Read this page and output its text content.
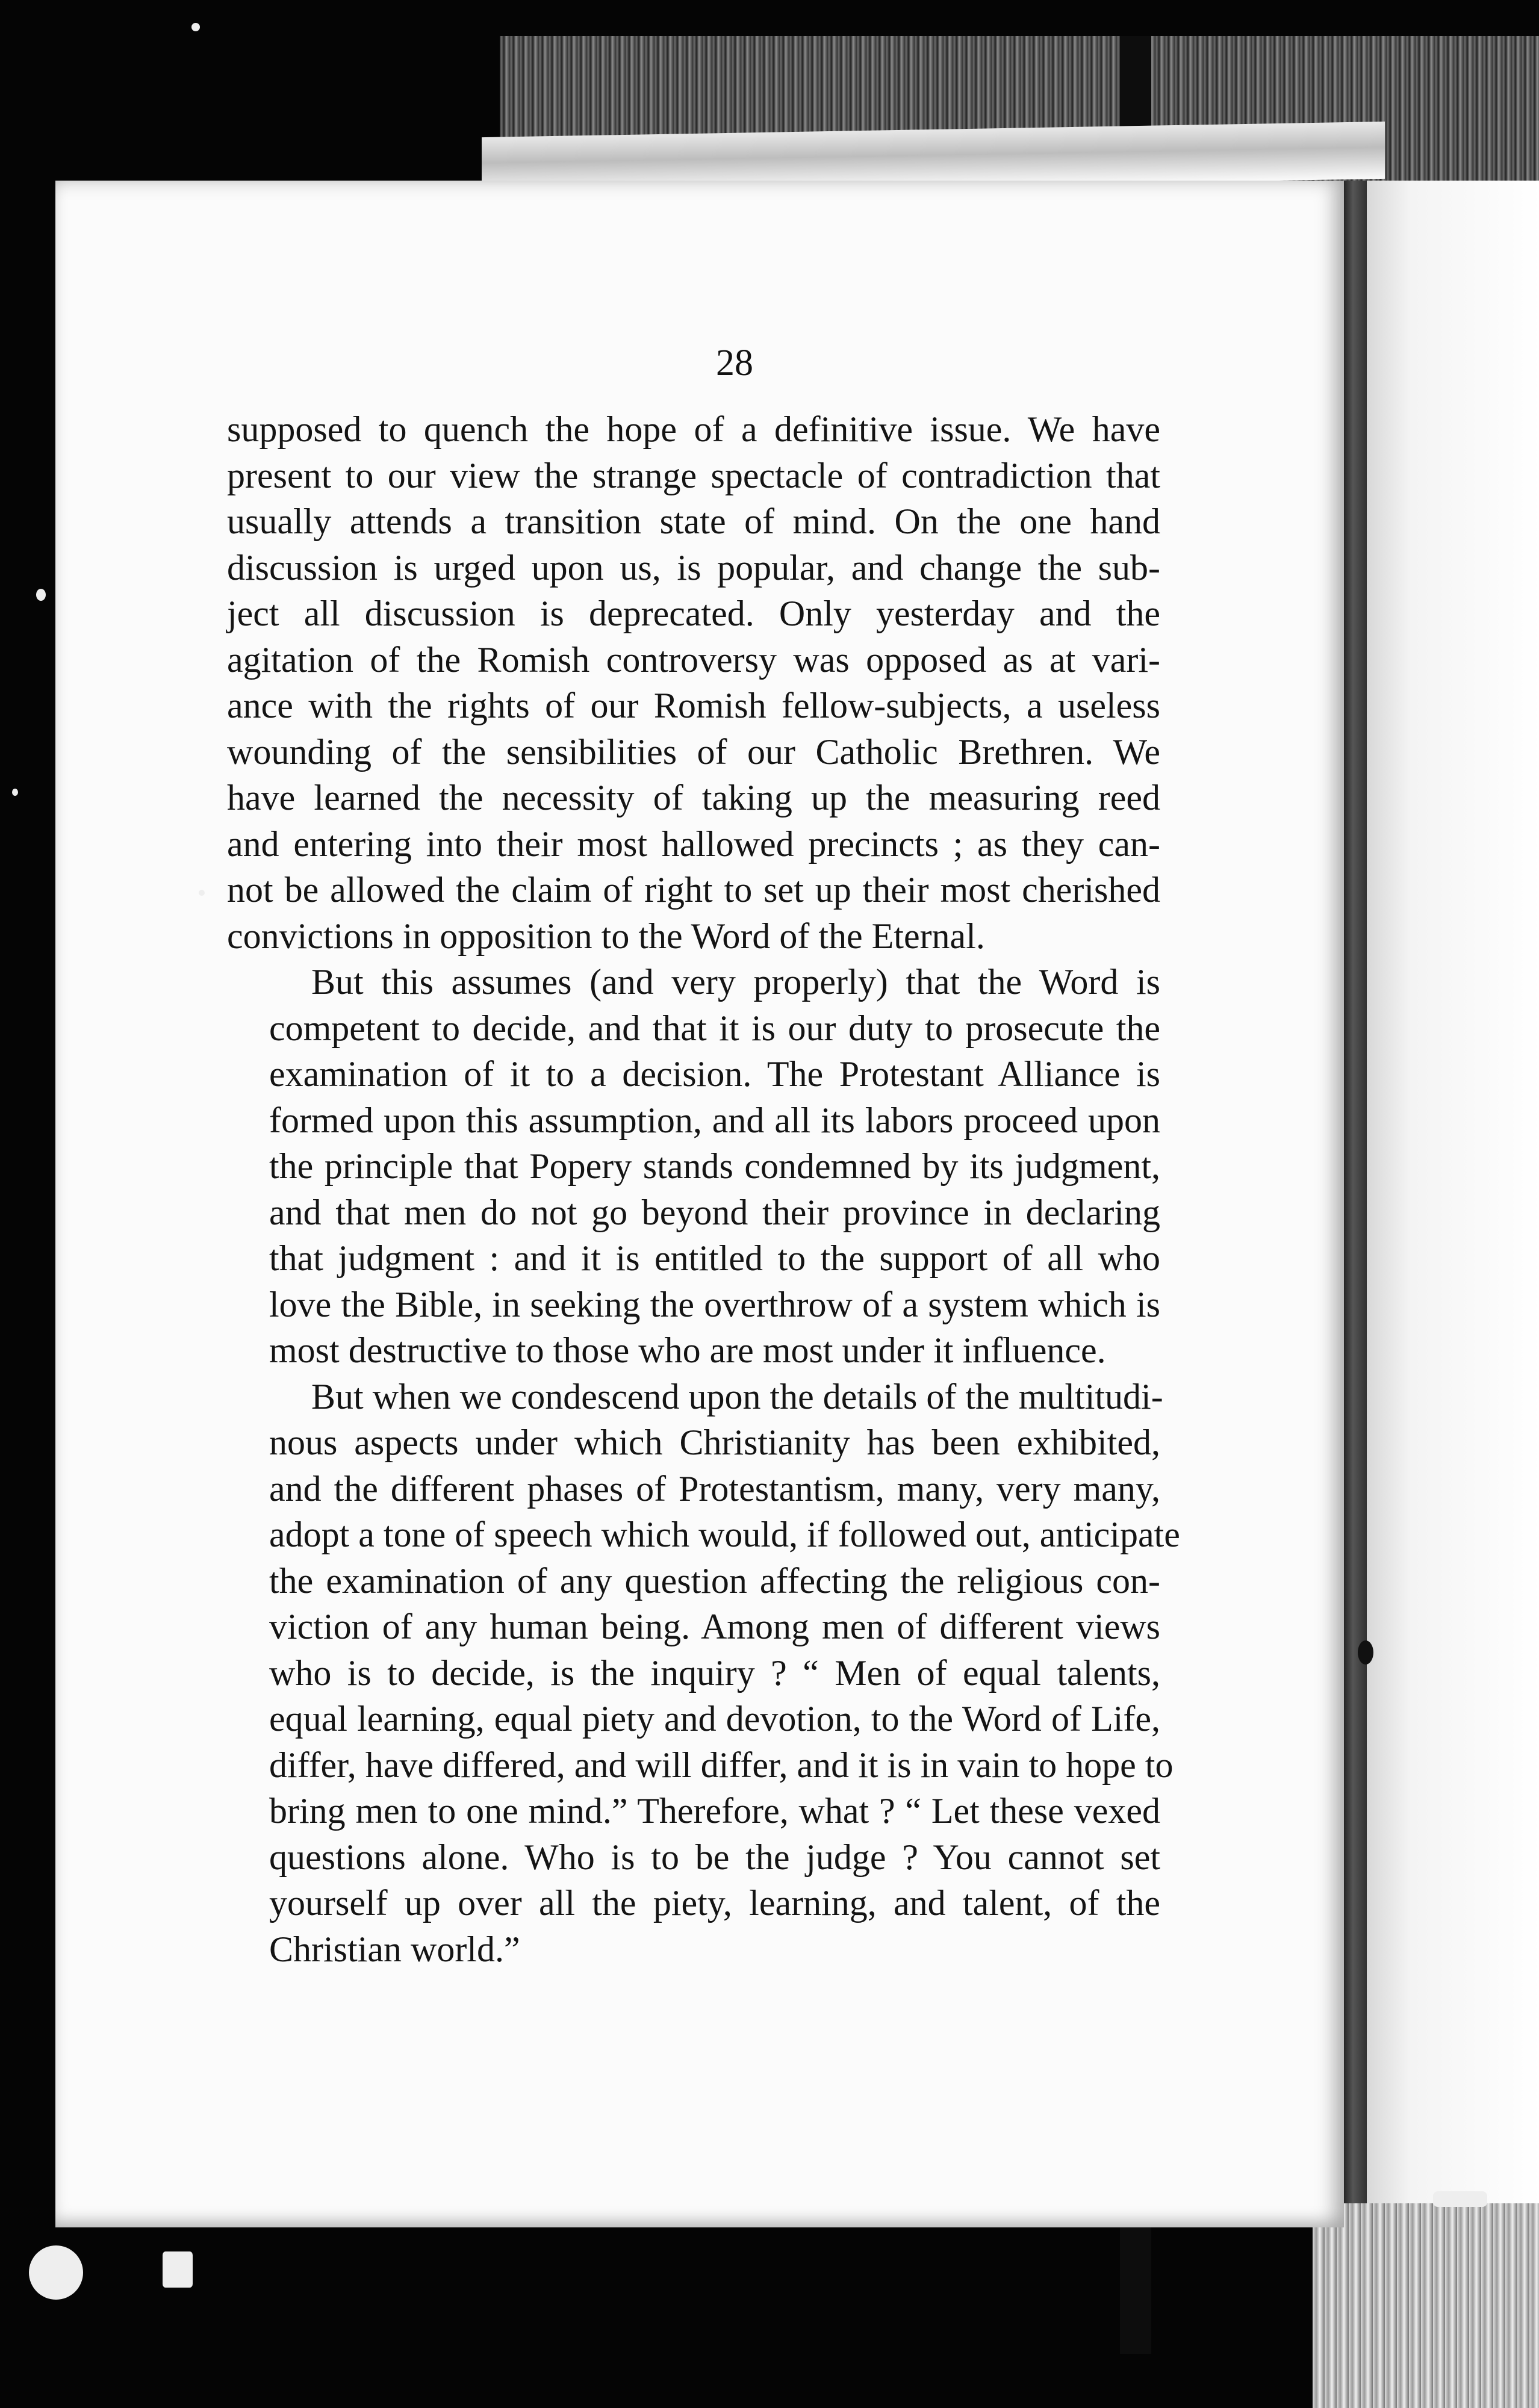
28

supposed to quench the hope of a definitive issue. We have
present to our view the strange spectacle of contradiction that
usually attends a transition state of mind. On the one hand
discussion is urged upon us, is popular, and change the sub-
ject all discussion is deprecated. Only yesterday and the
agitation of the Romish controversy was opposed as at vari-
ance with the rights of our Romish fellow-subjects, a useless
wounding of the sensibilities of our Catholic Brethren. We
have learned the necessity of taking up the measuring reed
and entering into their most hallowed precincts ; as they can-
not be allowed the claim of right to set up their most cherished
convictions in opposition to the Word of the Eternal.

But this assumes (and very properly) that the Word is
competent to decide, and that it is our duty to prosecute the
examination of it to a decision. The Protestant Alliance is
formed upon this assumption, and all its labors proceed upon
the principle that Popery stands condemned by its judgment,
and that men do not go beyond their province in declaring
that judgment : and it is entitled to the support of all who
love the Bible, in seeking the overthrow of a system which is
most destructive to those who are most under it influence.

But when we condescend upon the details of the multitudi-
nous aspects under which Christianity has been exhibited,
and the different phases of Protestantism, many, very many,
adopt a tone of speech which would, if followed out, anticipate
the examination of any question affecting the religious con-
viction of any human being. Among men of different views
who is to decide, is the inquiry ? “ Men of equal talents,
equal learning, equal piety and devotion, to the Word of Life,
differ, have differed, and will differ, and it is in vain to hope to
bring men to one mind.” Therefore, what ? “ Let these vexed
questions alone. Who is to be the judge ? You cannot set
yourself up over all the piety, learning, and talent, of the
Christian world.”
